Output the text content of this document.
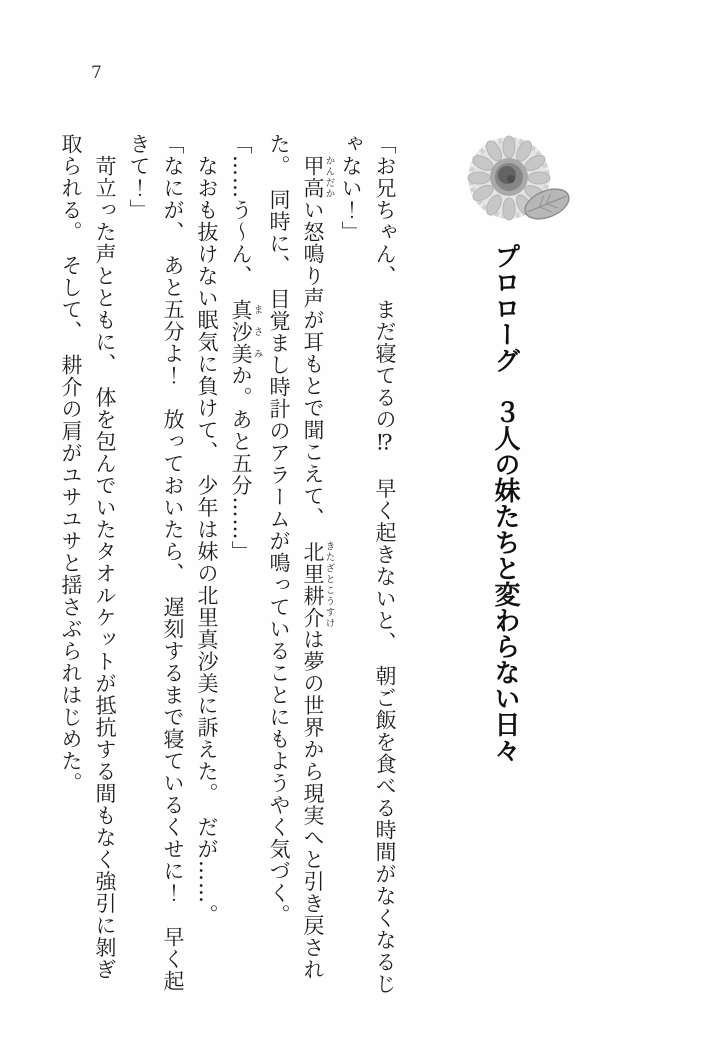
7
プロローグ　３人の妹たちと変わらない日々

「お兄ちゃん、　まだ寝てるの⁉　早く起きないと、　朝ご飯を食べる時間がなくなるじ

ゃない！」

甲高かんだかい怒鳴り声が耳もとで聞こえて、　北里耕介きたざとこうすけは夢の世界から現実へと引き戻され

た。　同時に、　目覚まし時計のアラームが鳴っていることにもようやく気づく。

「……う～ん、　真沙美まさみか。あと五分……」

なおも抜けない眠気に負けて、　少年は妹の北里真沙美に訴えた。　だが……。

「なにが、　あと五分よ！　放っておいたら、　遅刻するまで寝ているくせに！　早く起

きて！」

苛立った声とともに、　体を包んでいたタオルケットが抵抗する間もなく強引に剝ぎ

取られる。　そして、　耕介の肩がユサユサと揺さぶられはじめた。
